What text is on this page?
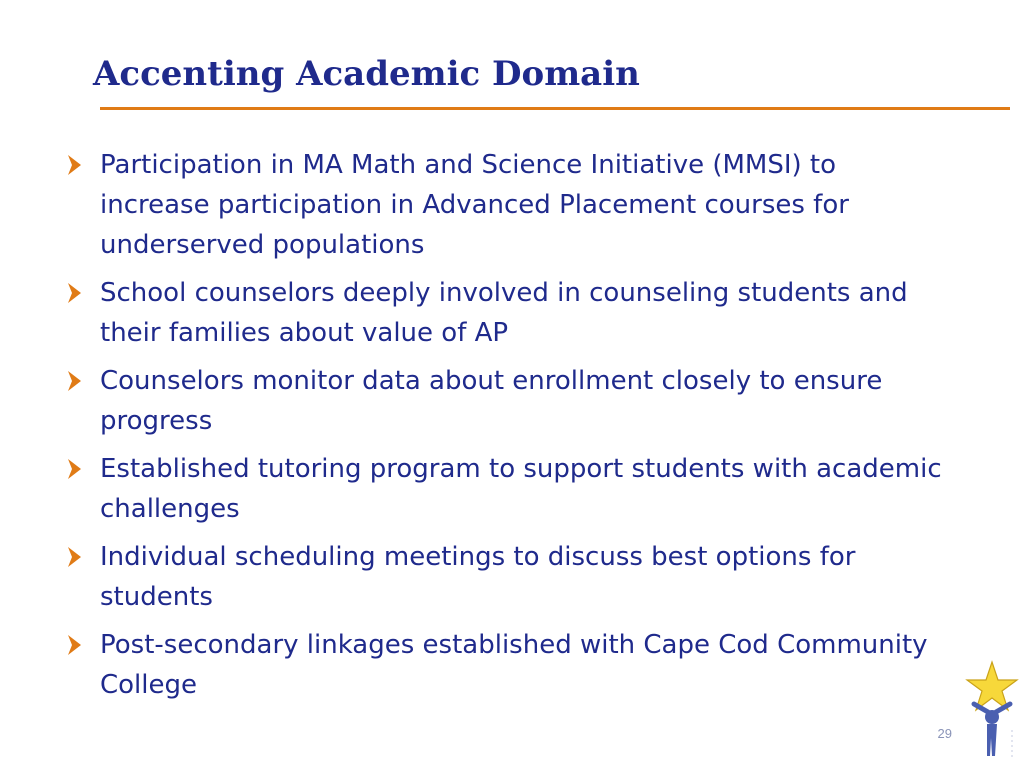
Accenting Academic Domain
Participation in MA Math and Science Initiative (MMSI) to increase participation in Advanced Placement courses for underserved populations
School counselors deeply involved in counseling students and their families about value of AP
Counselors monitor data about enrollment closely to ensure progress
Established tutoring program to support students with academic challenges
Individual scheduling meetings to discuss best options for students
Post-secondary linkages established with Cape Cod Community College
29
